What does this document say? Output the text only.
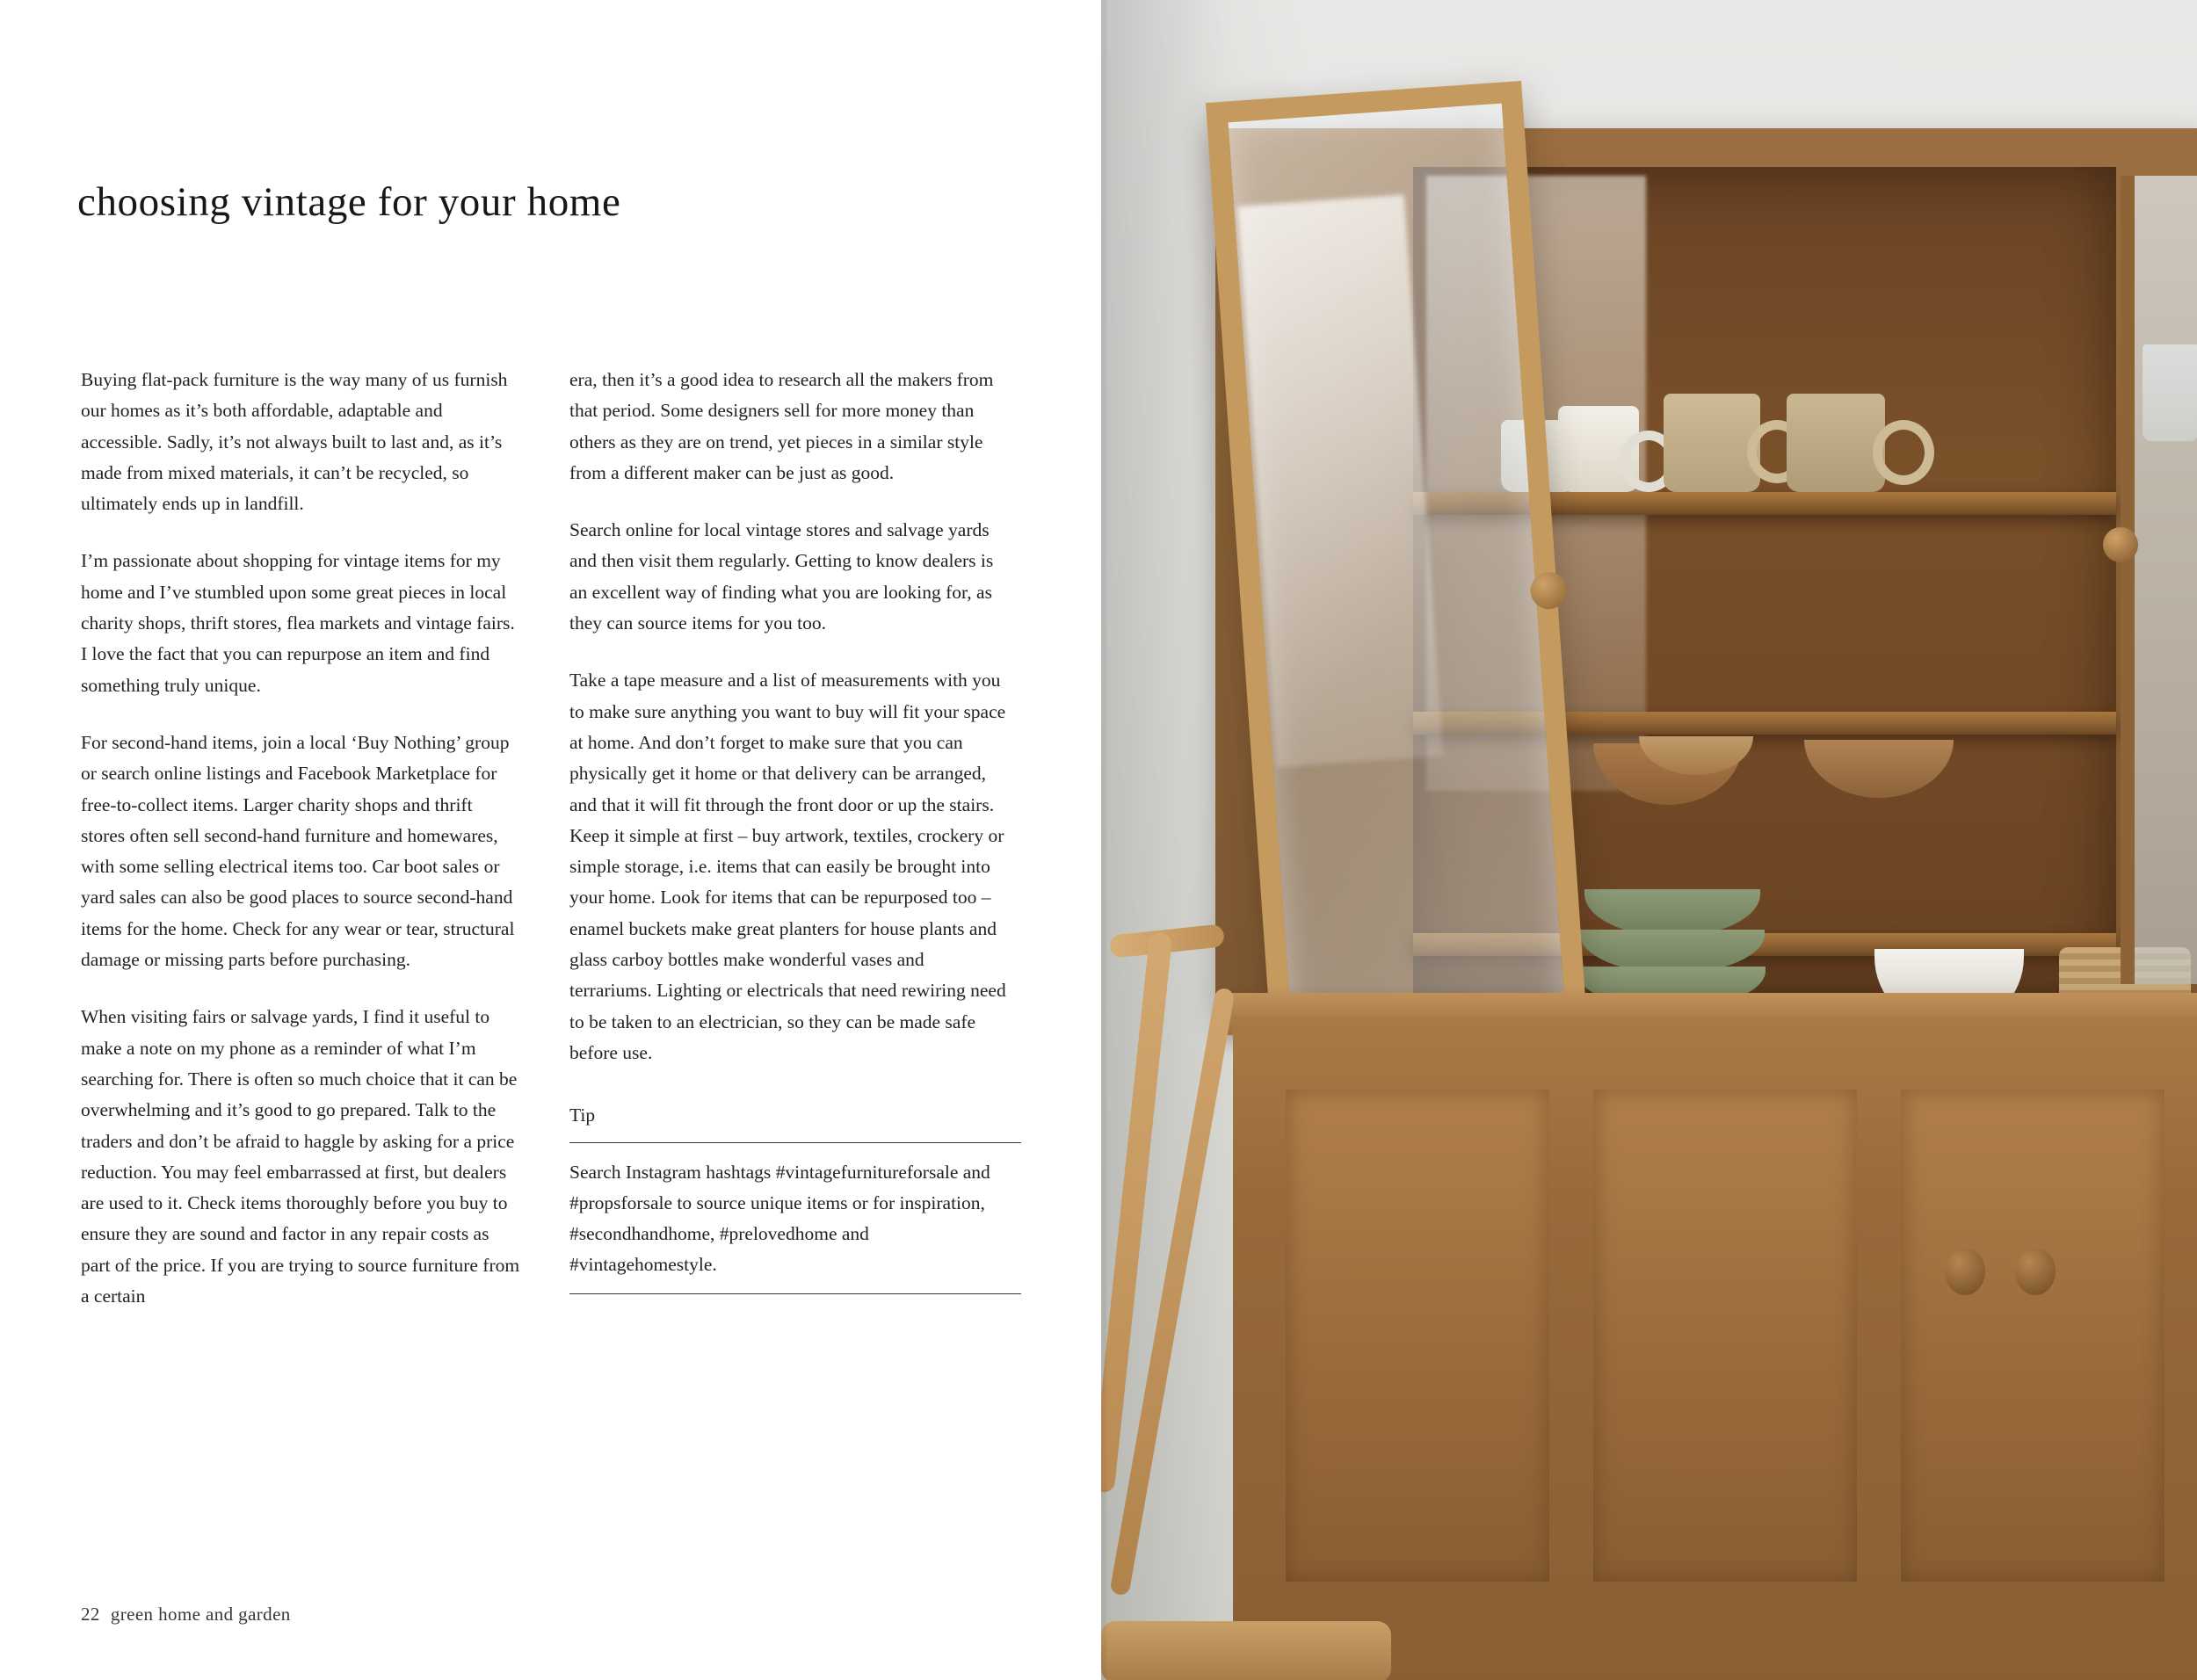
choosing vintage for your home

Buying flat-pack furniture is the way many of us furnish our homes as it’s both affordable, adaptable and accessible. Sadly, it’s not always built to last and, as it’s made from mixed materials, it can’t be recycled, so ultimately ends up in landfill.

I’m passionate about shopping for vintage items for my home and I’ve stumbled upon some great pieces in local charity shops, thrift stores, flea markets and vintage fairs. I love the fact that you can repurpose an item and find something truly unique.

For second-hand items, join a local ‘Buy Nothing’ group or search online listings and Facebook Marketplace for free-to-collect items. Larger charity shops and thrift stores often sell second-hand furniture and homewares, with some selling electrical items too. Car boot sales or yard sales can also be good places to source second-hand items for the home. Check for any wear or tear, structural damage or missing parts before purchasing.

When visiting fairs or salvage yards, I find it useful to make a note on my phone as a reminder of what I’m searching for. There is often so much choice that it can be overwhelming and it’s good to go prepared. Talk to the traders and don’t be afraid to haggle by asking for a price reduction. You may feel embarrassed at first, but dealers are used to it. Check items thoroughly before you buy to ensure they are sound and factor in any repair costs as part of the price. If you are trying to source furniture from a certain

era, then it’s a good idea to research all the makers from that period. Some designers sell for more money than others as they are on trend, yet pieces in a similar style from a different maker can be just as good.

Search online for local vintage stores and salvage yards and then visit them regularly. Getting to know dealers is an excellent way of finding what you are looking for, as they can source items for you too.

Take a tape measure and a list of measurements with you to make sure anything you want to buy will fit your space at home. And don’t forget to make sure that you can physically get it home or that delivery can be arranged, and that it will fit through the front door or up the stairs. Keep it simple at first – buy artwork, textiles, crockery or simple storage, i.e. items that can easily be brought into your home. Look for items that can be repurposed too – enamel buckets make great planters for house plants and glass carboy bottles make wonderful vases and terrariums. Lighting or electricals that need rewiring need to be taken to an electrician, so they can be made safe before use.

Tip
Search Instagram hashtags #vintagefurnitureforsale and #propsforsale to source unique items or for inspiration, #secondhandhome, #prelovedhome and #vintagehomestyle.
22 green home and garden
